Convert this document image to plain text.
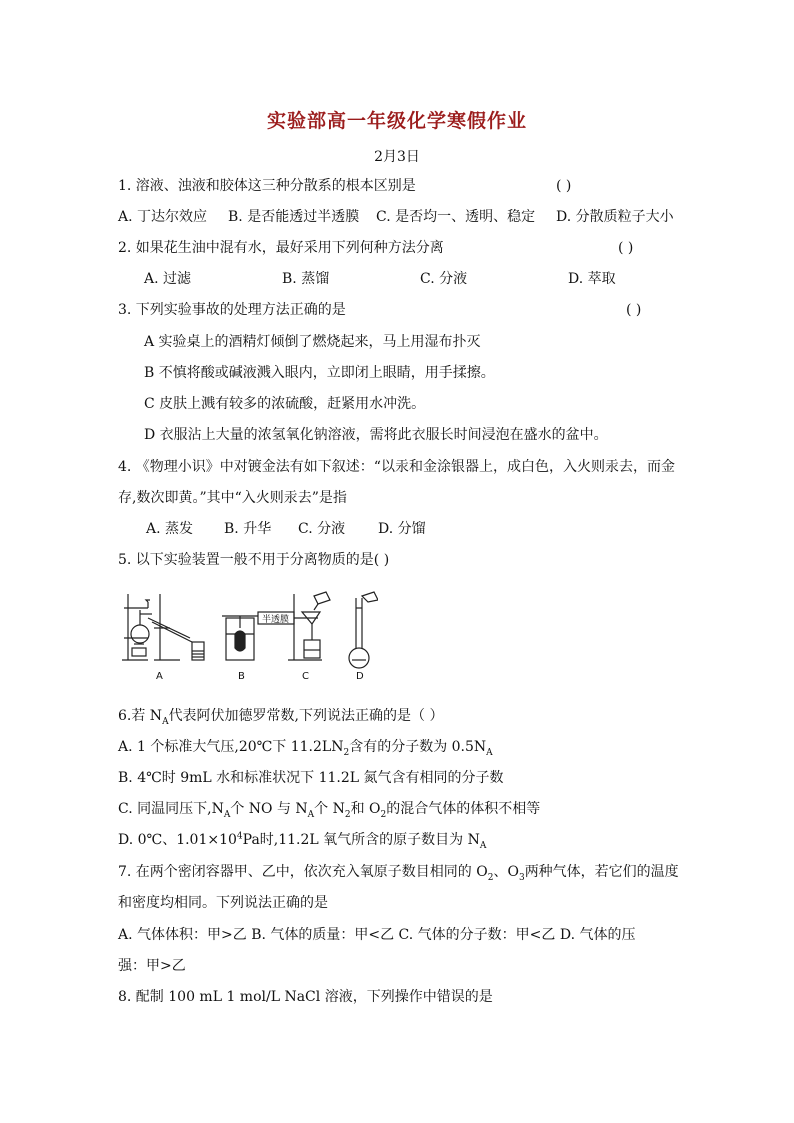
实验部高一年级化学寒假作业
2月3日
1. 溶液、浊液和胶体这三种分散系的根本区别是	( )
A. 丁达尔效应 B. 是否能透过半透膜 C. 是否均一、透明、稳定 D. 分散质粒子大小
2. 如果花生油中混有水，最好采用下列何种方法分离	( )
A. 过滤	B. 蒸馏	C. 分液	D. 萃取
3. 下列实验事故的处理方法正确的是	( )
A 实验桌上的酒精灯倾倒了燃烧起来，马上用湿布扑灭
B 不慎将酸或碱液溅入眼内，立即闭上眼睛，用手揉擦。
C 皮肤上溅有较多的浓硫酸，赶紧用水冲洗。
D 衣服沾上大量的浓氢氧化钠溶液，需将此衣服长时间浸泡在盛水的盆中。
4. 《物理小识》中对镀金法有如下叙述：“以汞和金涂银器上，成白色，入火则汞去，而金
存,数次即黄。”其中“入火则汞去”是指
A. 蒸发 B. 升华 C. 分液 D. 分馏
5. 以下实验装置一般不用于分离物质的是( )
半透膜
A	B	C	D
6.若 $N_A$代表阿伏加德罗常数,下列说法正确的是（ ）
A. 1 个标准大气压,20℃下 $11.2LN_2$含有的分子数为 $0.5N_A$
B. 4℃时 9mL 水和标准状况下 11.2L 氮气含有相同的分子数
C. 同温同压下$,N_A$个 NO 与 $N_A$个 $N_2$和 $O_2$的混合气体的体积不相等
D. 0℃、$1.01\times 10^4Pa$时,11.2L 氧气所含的原子数目为 $N_A$
7. 在两个密闭容器甲、乙中，依次充入氧原子数目相同的 $O_2$、$O_3$两种气体，若它们的温度
和密度均相同。下列说法正确的是
A. 气体体积：甲>乙 B. 气体的质量：甲<乙 C. 气体的分子数：甲<乙 D. 气体的压
强：甲>乙
8. 配制 100 mL 1 mol/L NaCl 溶液，下列操作中错误的是
